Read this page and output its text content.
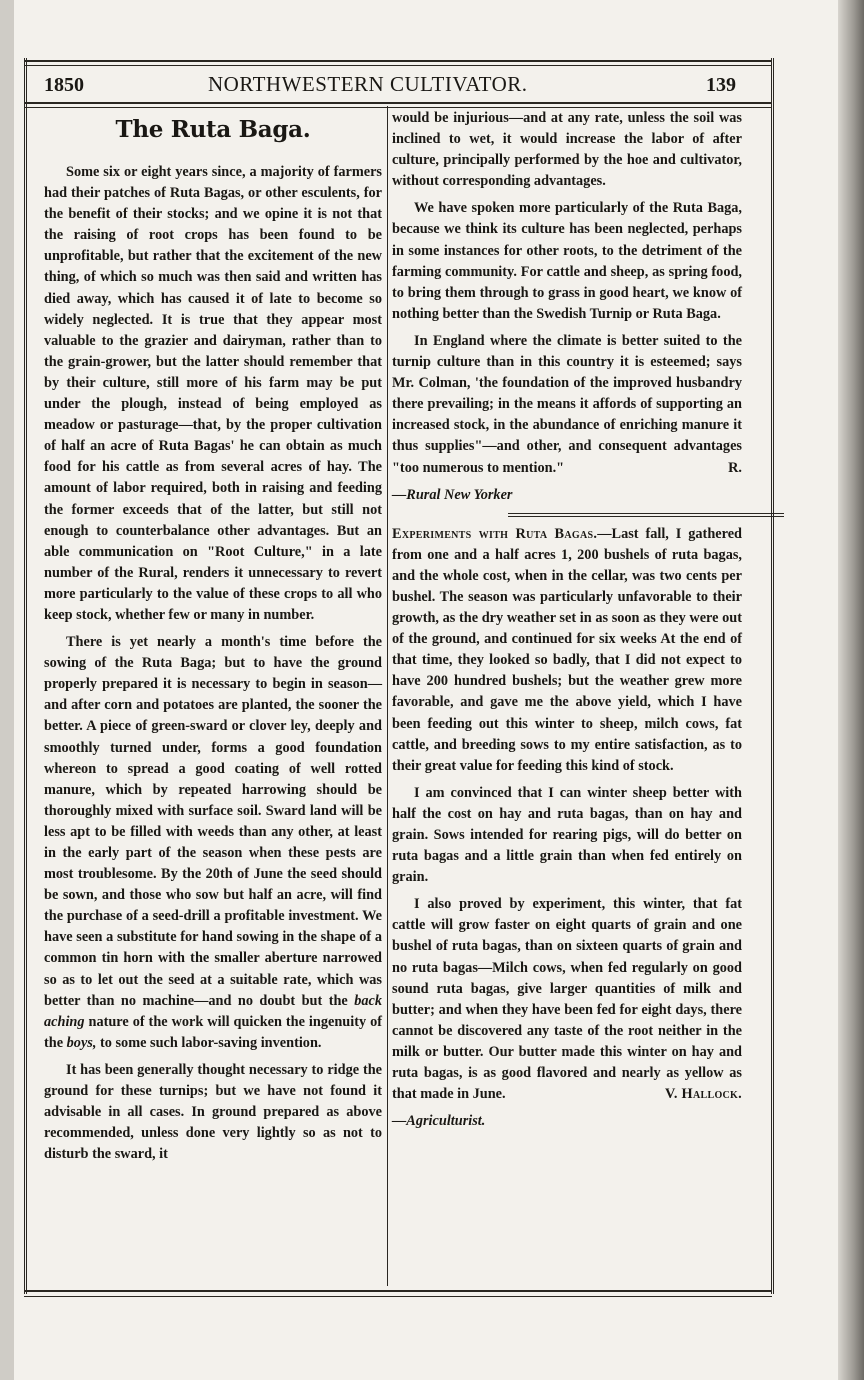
1850	NORTHWESTERN CULTIVATOR.	139
The Ruta Baga.

Some six or eight years since, a majority of farmers had their patches of Ruta Bagas, or other esculents, for the benefit of their stocks; and we opine it is not that the raising of root crops has been found to be unprofitable, but rather that the excitement of the new thing, of which so much was then said and written has died away, which has caused it of late to become so widely neglected. It is true that they appear most valuable to the grazier and dairyman, rather than to the grain-grower, but the latter should remember that by their culture, still more of his farm may be put under the plough, instead of being employed as meadow or pasturage—that, by the proper cultivation of half an acre of Ruta Bagas' he can obtain as much food for his cattle as from several acres of hay. The amount of labor required, both in raising and feeding the former exceeds that of the latter, but still not enough to counterbalance other advantages. But an able communication on "Root Culture," in a late number of the Rural, renders it unnecessary to revert more particularly to the value of these crops to all who keep stock, whether few or many in number.

There is yet nearly a month's time before the sowing of the Ruta Baga; but to have the ground properly prepared it is necessary to begin in season—and after corn and potatoes are planted, the sooner the better. A piece of green-sward or clover ley, deeply and smoothly turned under, forms a good foundation whereon to spread a good coating of well rotted manure, which by repeated harrowing should be thoroughly mixed with surface soil. Sward land will be less apt to be filled with weeds than any other, at least in the early part of the season when these pests are most troublesome. By the 20th of June the seed should be sown, and those who sow but half an acre, will find the purchase of a seed-drill a profitable investment. We have seen a substitute for hand sowing in the shape of a common tin horn with the smaller aberture narrowed so as to let out the seed at a suitable rate, which was better than no machine—and no doubt but the back aching nature of the work will quicken the ingenuity of the boys, to some such labor-saving invention.

It has been generally thought necessary to ridge the ground for these turnips; but we have not found it advisable in all cases. In ground prepared as above recommended, unless done very lightly so as not to disturb the sward, it

would be injurious—and at any rate, unless the soil was inclined to wet, it would increase the labor of after culture, principally performed by the hoe and cultivator, without corresponding advantages.

We have spoken more particularly of the Ruta Baga, because we think its culture has been neglected, perhaps in some instances for other roots, to the detriment of the farming community. For cattle and sheep, as spring food, to bring them through to grass in good heart, we know of nothing better than the Swedish Turnip or Ruta Baga.

In England where the climate is better suited to the turnip culture than in this country it is esteemed; says Mr. Colman, 'the foundation of the improved husbandry there prevailing; in the means it affords of supporting an increased stock, in the abundance of enriching manure it thus supplies"—and other, and consequent advantages "too numerous to mention."	R.

—Rural New Yorker

Experiments with Ruta Bagas.—Last fall, I gathered from one and a half acres 1, 200 bushels of ruta bagas, and the whole cost, when in the cellar, was two cents per bushel. The season was particularly unfavorable to their growth, as the dry weather set in as soon as they were out of the ground, and continued for six weeks At the end of that time, they looked so badly, that I did not expect to have 200 hundred bushels; but the weather grew more favorable, and gave me the above yield, which I have been feeding out this winter to sheep, milch cows, fat cattle, and breeding sows to my entire satisfaction, as to their great value for feeding this kind of stock.

I am convinced that I can winter sheep better with half the cost on hay and ruta bagas, than on hay and grain. Sows intended for rearing pigs, will do better on ruta bagas and a little grain than when fed entirely on grain.

I also proved by experiment, this winter, that fat cattle will grow faster on eight quarts of grain and one bushel of ruta bagas, than on sixteen quarts of grain and no ruta bagas—Milch cows, when fed regularly on good sound ruta bagas, give larger quantities of milk and butter; and when they have been fed for eight days, there cannot be discovered any taste of the root neither in the milk or butter. Our butter made this winter on hay and ruta bagas, is as good flavored and nearly as yellow as that made in June.	V. Hallock.

—Agriculturist.
